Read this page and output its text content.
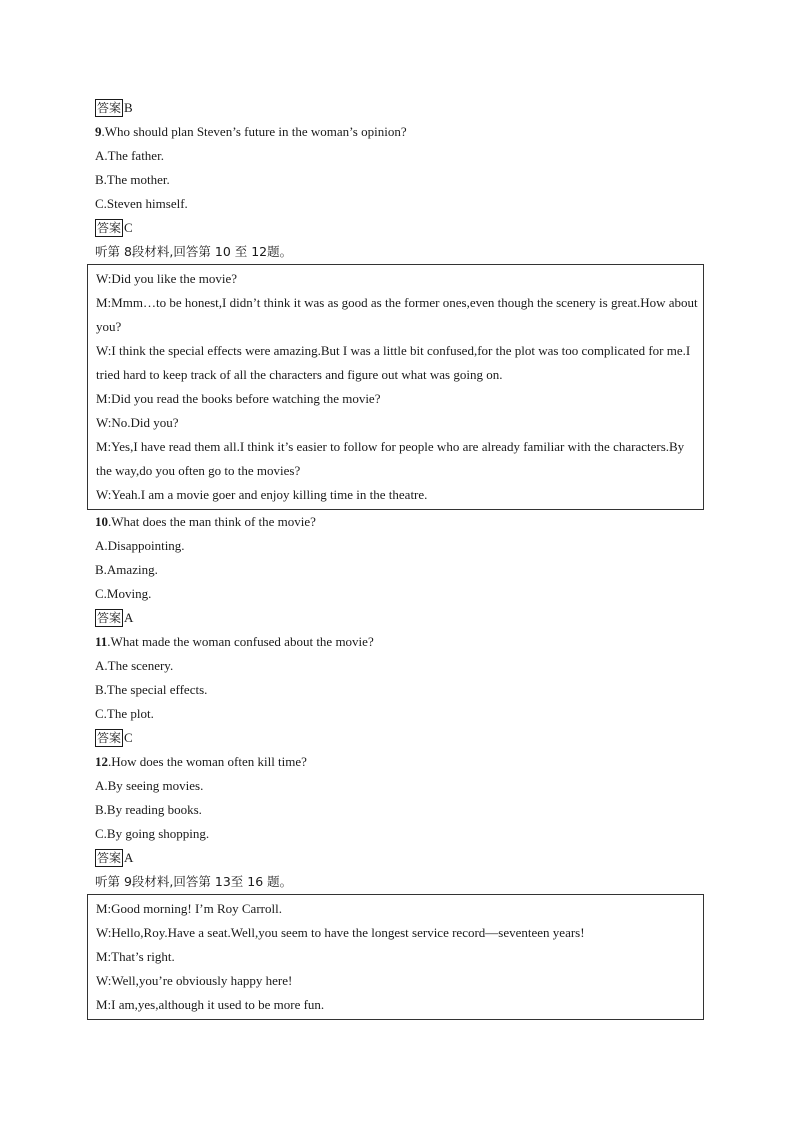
答案 B
9.Who should plan Steven’s future in the woman’s opinion?
A.The father.
B.The mother.
C.Steven himself.
答案 C
听第 8段材料,回答第 10 至 12题。
W:Did you like the movie?
M:Mmm…to be honest,I didn’t think it was as good as the former ones,even though the scenery is great.How about you?
W:I think the special effects were amazing.But I was a little bit confused,for the plot was too complicated for me.I tried hard to keep track of all the characters and figure out what was going on.
M:Did you read the books before watching the movie?
W:No.Did you?
M:Yes,I have read them all.I think it’s easier to follow for people who are already familiar with the characters.By the way,do you often go to the movies?
W:Yeah.I am a movie goer and enjoy killing time in the theatre.
10.What does the man think of the movie?
A.Disappointing.
B.Amazing.
C.Moving.
答案 A
11.What made the woman confused about the movie?
A.The scenery.
B.The special effects.
C.The plot.
答案 C
12.How does the woman often kill time?
A.By seeing movies.
B.By reading books.
C.By going shopping.
答案 A
听第 9段材料,回答第 13至 16 题。
M:Good morning! I’m Roy Carroll.
W:Hello,Roy.Have a seat.Well,you seem to have the longest service record—seventeen years!
M:That’s right.
W:Well,you’re obviously happy here!
M:I am,yes,although it used to be more fun.
